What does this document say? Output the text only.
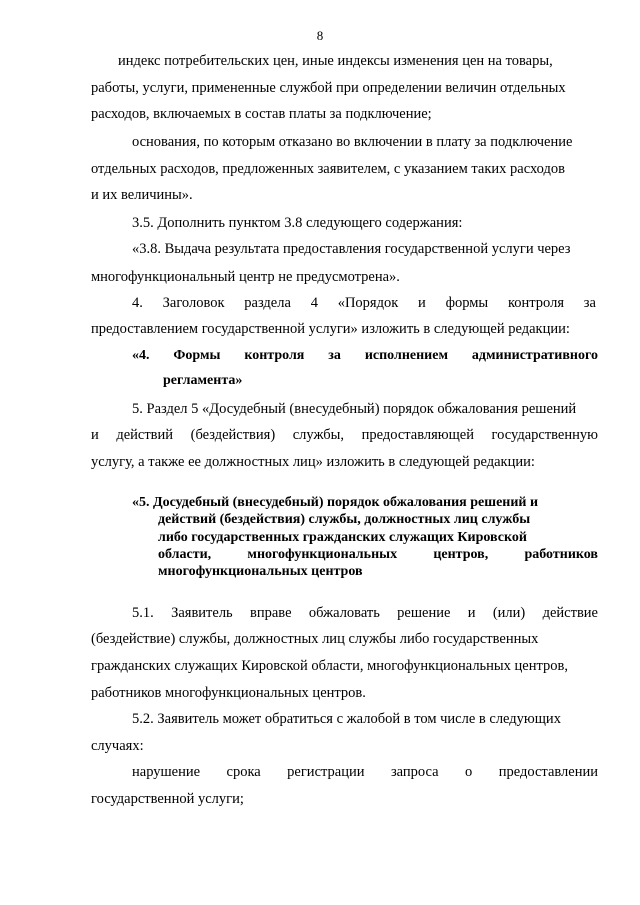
8
индекс потребительских цен, иные индексы изменения цен на товары,
работы, услуги, примененные службой при определении величин отдельных
расходов, включаемых в состав платы за подключение;
основания, по которым отказано во включении в плату за подключение
отдельных расходов, предложенных заявителем, с указанием таких расходов
и их величины».
3.5. Дополнить пунктом 3.8 следующего содержания:
«3.8. Выдача результата предоставления государственной услуги через
многофункциональный центр не предусмотрена».
4. Заголовок раздела 4 «Порядок и формы контроля за
предоставлением государственной услуги» изложить в следующей редакции:
«4. Формы контроля за исполнением административного
регламента»
5. Раздел 5 «Досудебный (внесудебный) порядок обжалования решений
и действий (бездействия) службы, предоставляющей государственную
услугу, а также ее должностных лиц» изложить в следующей редакции:
«5. Досудебный (внесудебный) порядок обжалования решений и
действий (бездействия) службы, должностных лиц службы
либо государственных гражданских служащих Кировской
области,	многофункциональных	центров,	работников
многофункциональных центров
5.1. Заявитель вправе обжаловать решение и (или) действие
(бездействие) службы, должностных лиц службы либо государственных
гражданских служащих Кировской области, многофункциональных центров,
работников многофункциональных центров.
5.2. Заявитель может обратиться с жалобой в том числе в следующих
случаях:
нарушение срока регистрации запроса о предоставлении
государственной услуги;
